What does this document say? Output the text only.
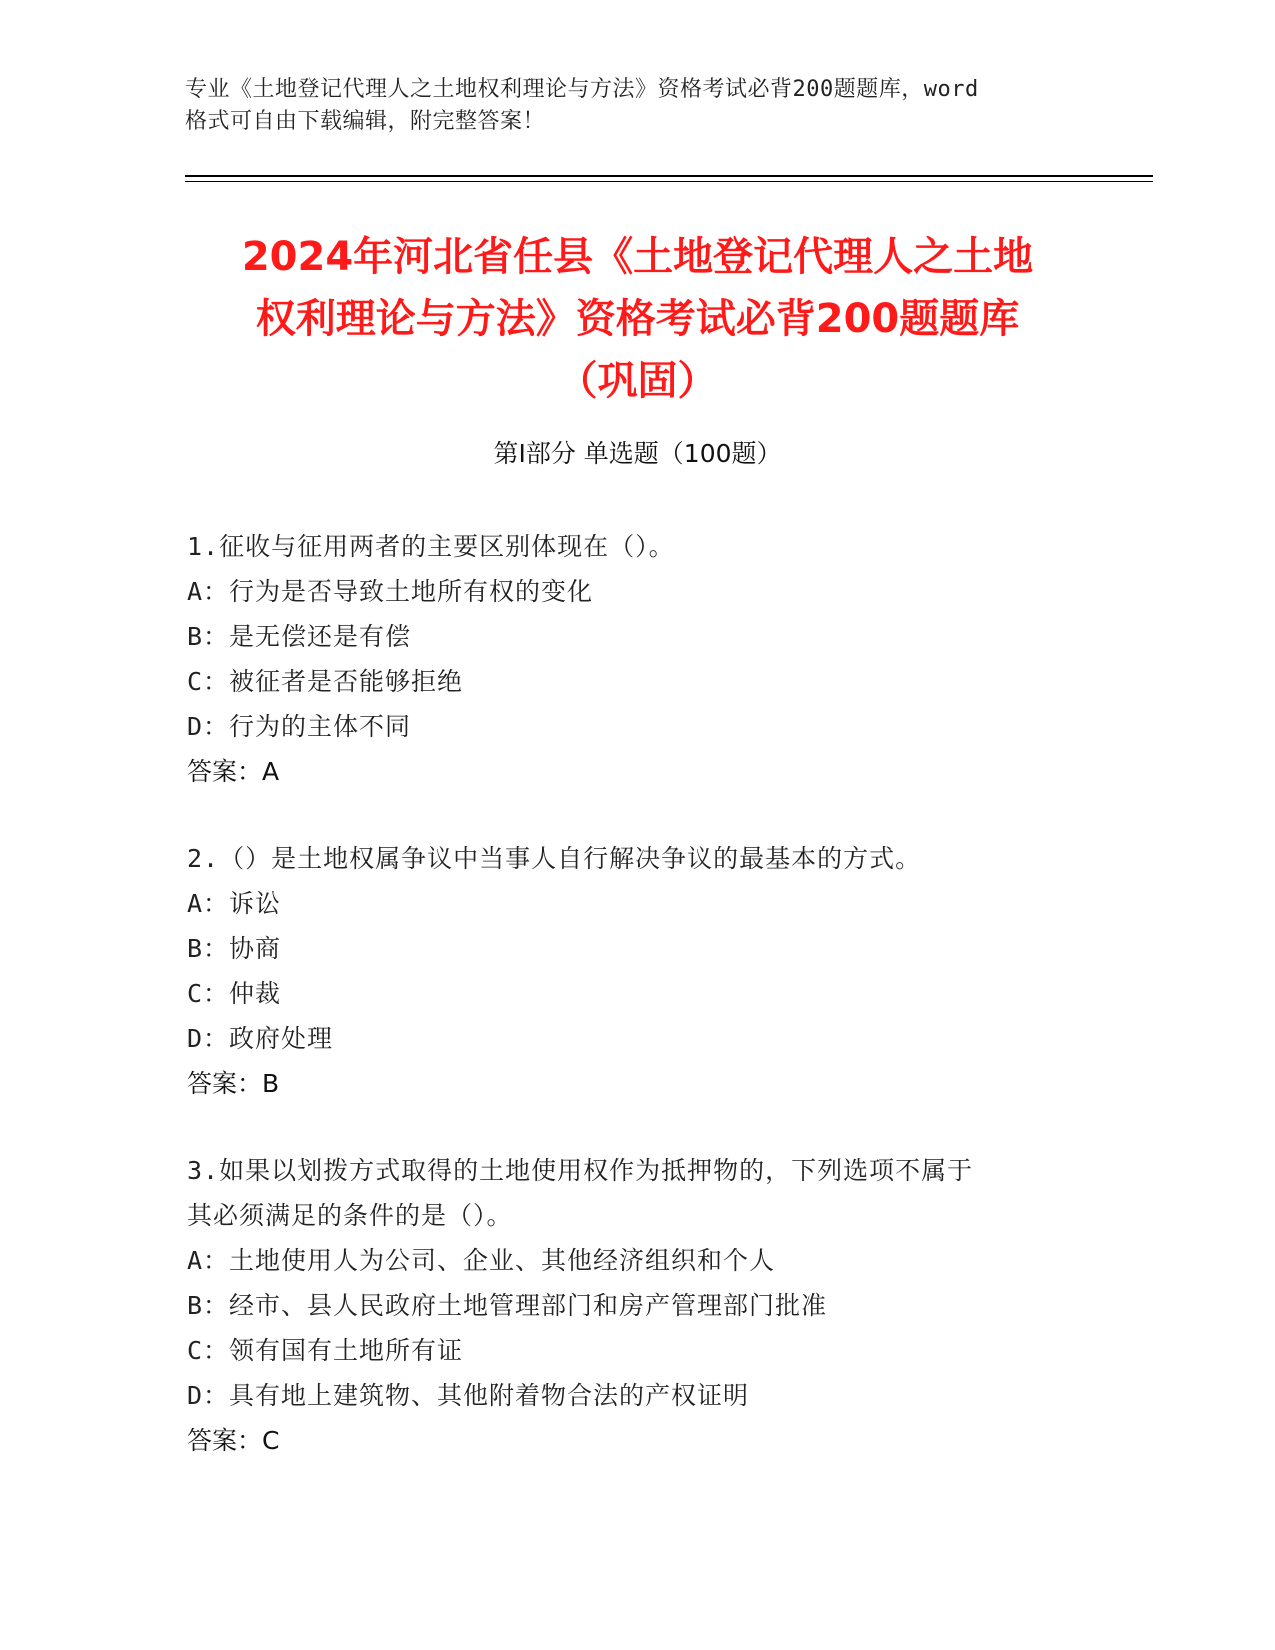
专业《土地登记代理人之土地权利理论与方法》资格考试必背200题题库，word
格式可自由下载编辑，附完整答案！
2024年河北省任县《土地登记代理人之土地
权利理论与方法》资格考试必背200题题库
（巩固）
第Ⅰ部分 单选题（100题）
1.征收与征用两者的主要区别体现在（）。
A：行为是否导致土地所有权的变化
B：是无偿还是有偿
C：被征者是否能够拒绝
D：行为的主体不同
答案：A
2.（）是土地权属争议中当事人自行解决争议的最基本的方式。
A：诉讼
B：协商
C：仲裁
D：政府处理
答案：B
3.如果以划拨方式取得的土地使用权作为抵押物的，下列选项不属于
其必须满足的条件的是（）。
A：土地使用人为公司、企业、其他经济组织和个人
B：经市、县人民政府土地管理部门和房产管理部门批准
C：领有国有土地所有证
D：具有地上建筑物、其他附着物合法的产权证明
答案：C
